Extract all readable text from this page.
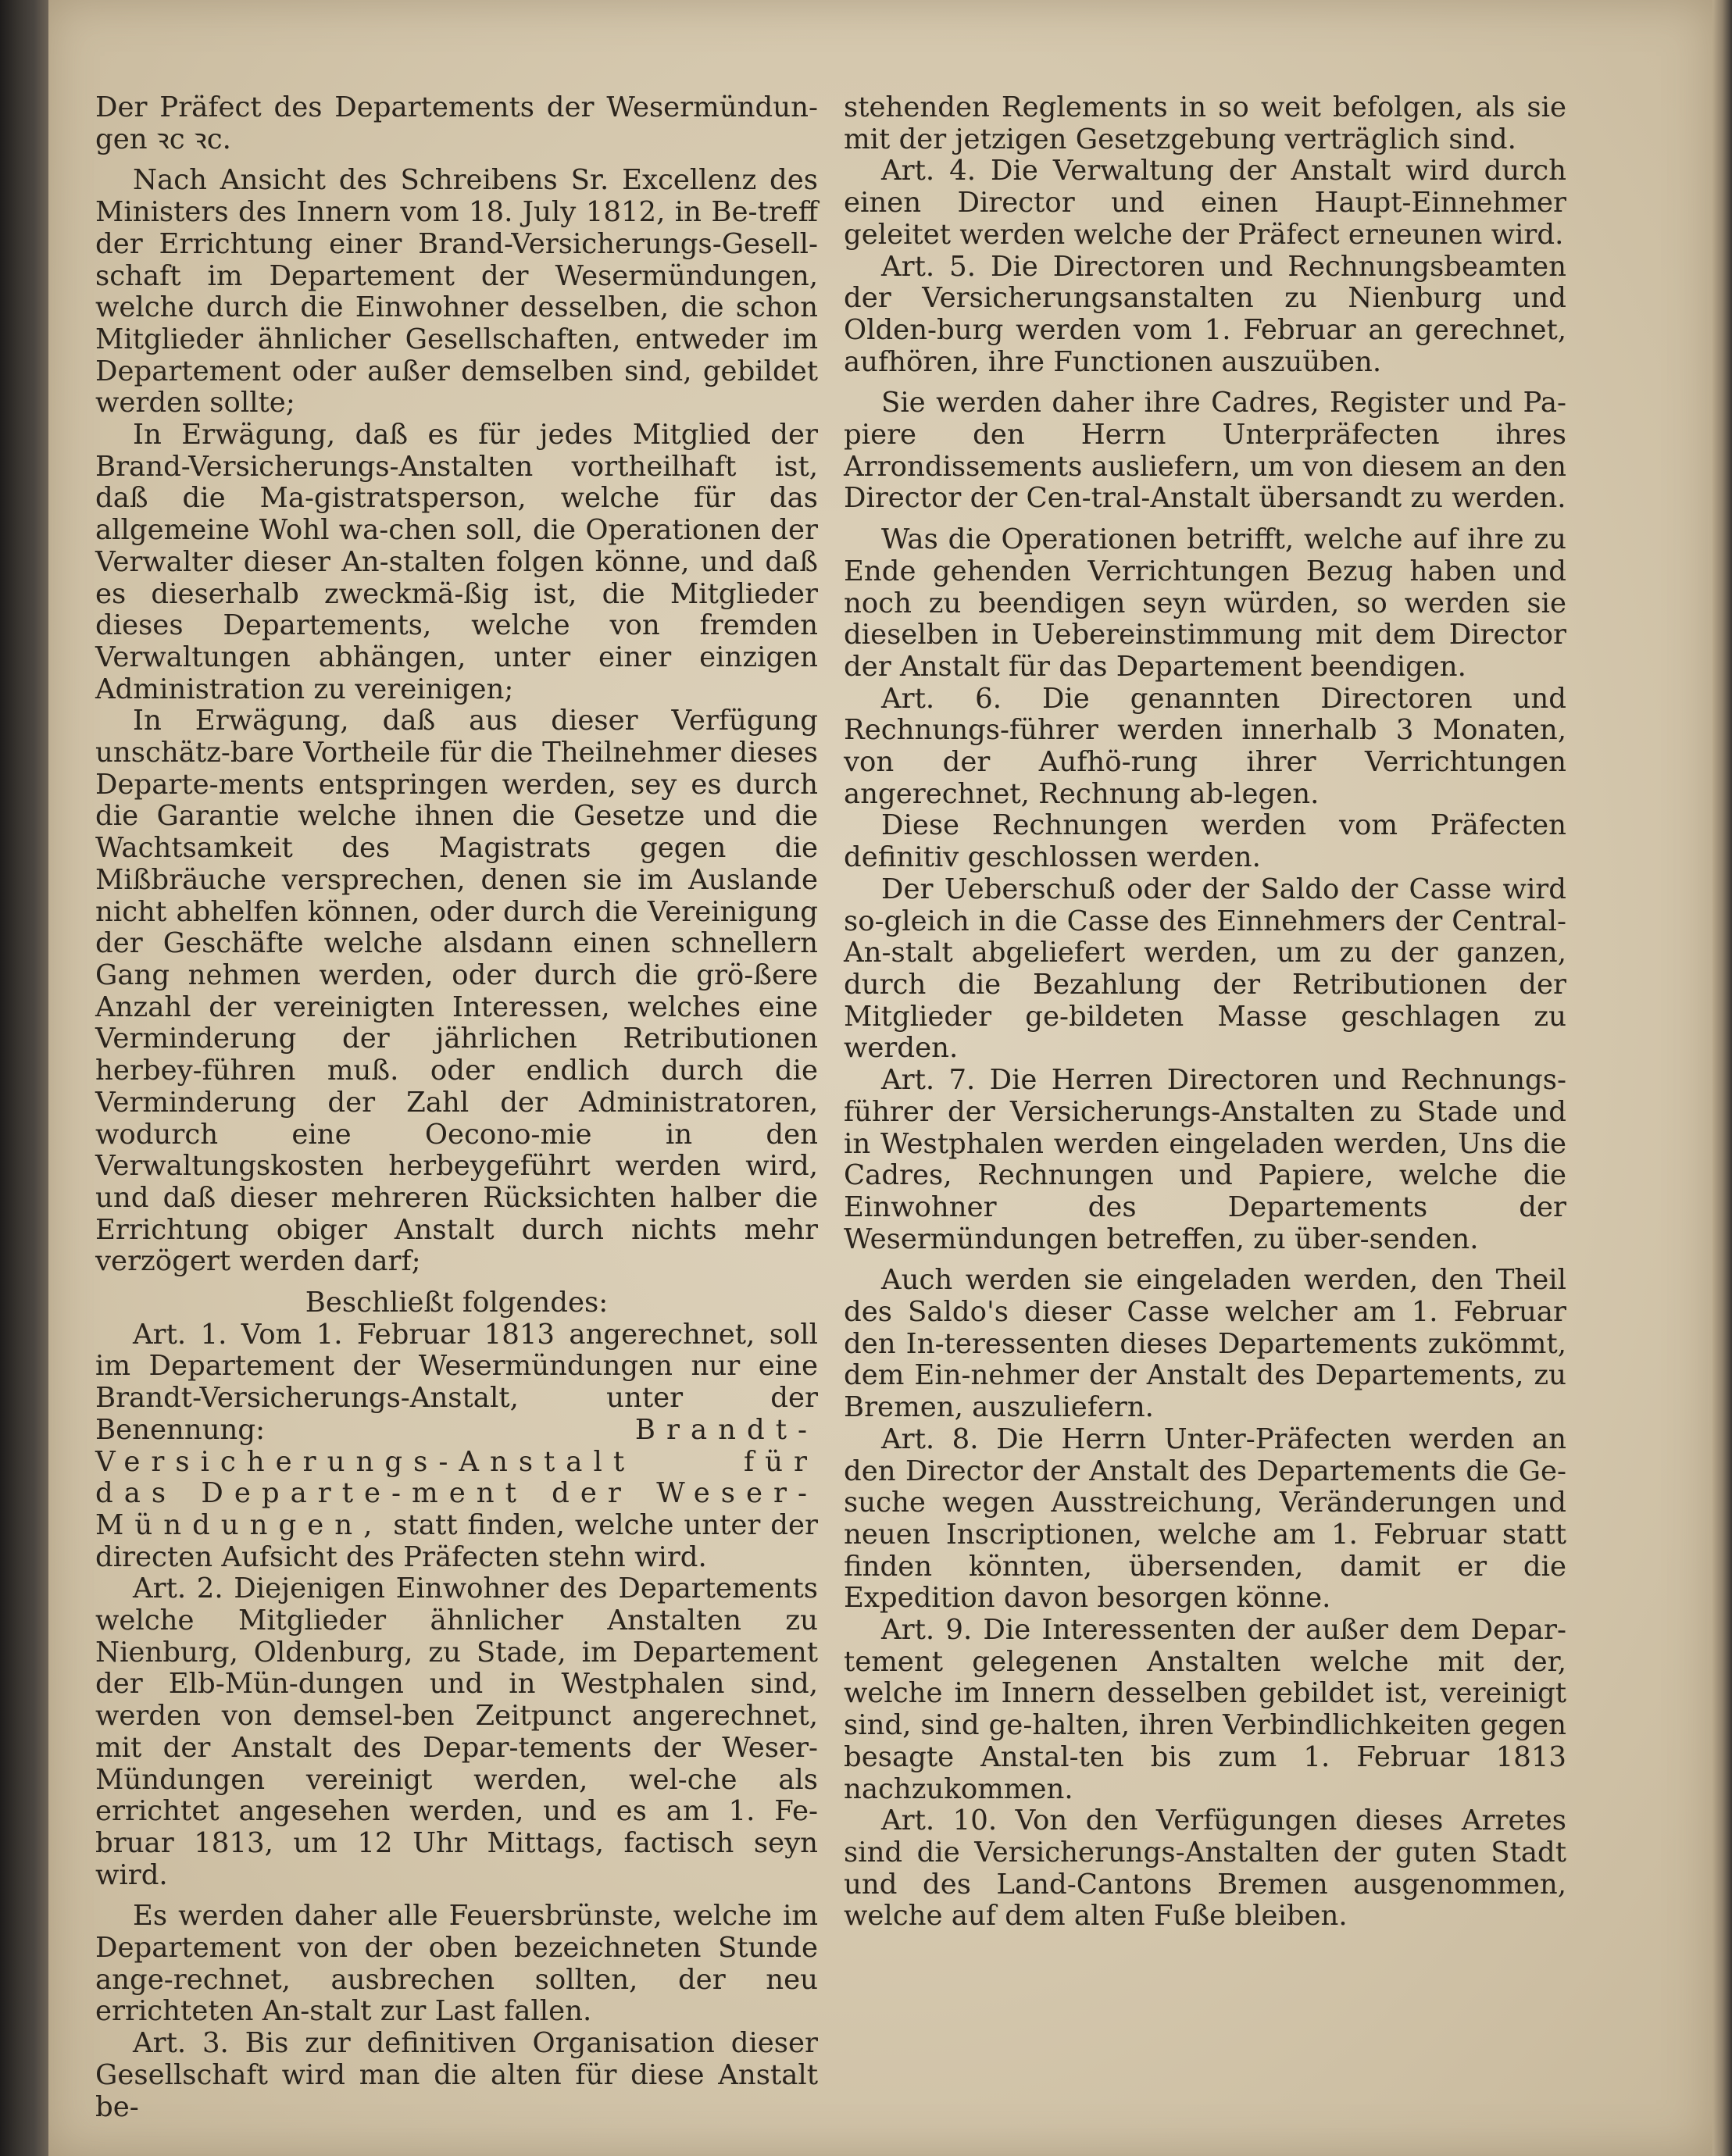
Der Präfect des Departements der Wesermündun-gen ꝛc ꝛc.

Nach Ansicht des Schreibens Sr. Excellenz des Ministers des Innern vom 18. July 1812, in Be-treff der Errichtung einer Brand-Versicherungs-Gesell-schaft im Departement der Wesermündungen, welche durch die Einwohner desselben, die schon Mitglieder ähnlicher Gesellschaften, entweder im Departement oder außer demselben sind, gebildet werden sollte;

In Erwägung, daß es für jedes Mitglied der Brand-Versicherungs-Anstalten vortheilhaft ist, daß die Ma-gistratsperson, welche für das allgemeine Wohl wa-chen soll, die Operationen der Verwalter dieser An-stalten folgen könne, und daß es dieserhalb zweckmä-ßig ist, die Mitglieder dieses Departements, welche von fremden Verwaltungen abhängen, unter einer einzigen Administration zu vereinigen;

In Erwägung, daß aus dieser Verfügung unschätz-bare Vortheile für die Theilnehmer dieses Departe-ments entspringen werden, sey es durch die Garantie welche ihnen die Gesetze und die Wachtsamkeit des Magistrats gegen die Mißbräuche versprechen, denen sie im Auslande nicht abhelfen können, oder durch die Vereinigung der Geschäfte welche alsdann einen schnellern Gang nehmen werden, oder durch die grö-ßere Anzahl der vereinigten Interessen, welches eine Verminderung der jährlichen Retributionen herbey-führen muß. oder endlich durch die Verminderung der Zahl der Administratoren, wodurch eine Oecono-mie in den Verwaltungskosten herbeygeführt werden wird, und daß dieser mehreren Rücksichten halber die Errichtung obiger Anstalt durch nichts mehr verzögert werden darf;

Beschließt folgendes:

Art. 1. Vom 1. Februar 1813 angerechnet, soll im Departement der Wesermündungen nur eine Brandt-Versicherungs-Anstalt, unter der Benennung:	Brandt-Versicherungs-Anstalt für das Departe-ment der Weser-Mündungen, statt finden, welche unter der directen Aufsicht des Präfecten stehn wird.

Art. 2. Diejenigen Einwohner des Departements welche Mitglieder ähnlicher Anstalten zu Nienburg, Oldenburg, zu Stade, im Departement der Elb-Mün-dungen und in Westphalen sind, werden von demsel-ben Zeitpunct angerechnet, mit der Anstalt des Depar-tements der Weser-Mündungen vereinigt werden, wel-che als errichtet angesehen werden, und es am 1. Fe-bruar 1813, um 12 Uhr Mittags, factisch seyn wird.

Es werden daher alle Feuersbrünste, welche im Departement von der oben bezeichneten Stunde ange-rechnet, ausbrechen sollten, der neu errichteten An-stalt zur Last fallen.

Art. 3. Bis zur definitiven Organisation dieser Gesellschaft wird man die alten für diese Anstalt be-

stehenden Reglements in so weit befolgen, als sie mit der jetzigen Gesetzgebung verträglich sind.

Art. 4. Die Verwaltung der Anstalt wird durch einen Director und einen Haupt-Einnehmer geleitet werden welche der Präfect erneunen wird.

Art. 5. Die Directoren und Rechnungsbeamten der Versicherungsanstalten zu Nienburg und Olden-burg werden vom 1. Februar an gerechnet, aufhören, ihre Functionen auszuüben.

Sie werden daher ihre Cadres, Register und Pa-piere den Herrn Unterpräfecten ihres Arrondissements ausliefern, um von diesem an den Director der Cen-tral-Anstalt übersandt zu werden.

Was die Operationen betrifft, welche auf ihre zu Ende gehenden Verrichtungen Bezug haben und noch zu beendigen seyn würden, so werden sie dieselben in Uebereinstimmung mit dem Director der Anstalt für das Departement beendigen.

Art. 6. Die genannten Directoren und Rechnungs-führer werden innerhalb 3 Monaten, von der Aufhö-rung ihrer Verrichtungen angerechnet, Rechnung ab-legen.

Diese Rechnungen werden vom Präfecten definitiv geschlossen werden.

Der Ueberschuß oder der Saldo der Casse wird so-gleich in die Casse des Einnehmers der Central-An-stalt abgeliefert werden, um zu der ganzen, durch die Bezahlung der Retributionen der Mitglieder ge-bildeten Masse geschlagen zu werden.

Art. 7. Die Herren Directoren und Rechnungs-führer der Versicherungs-Anstalten zu Stade und in Westphalen werden eingeladen werden, Uns die Cadres, Rechnungen und Papiere, welche die Einwohner des Departements der Wesermündungen betreffen, zu über-senden.

Auch werden sie eingeladen werden, den Theil des Saldo's dieser Casse welcher am 1. Februar den In-teressenten dieses Departements zukömmt, dem Ein-nehmer der Anstalt des Departements, zu Bremen, auszuliefern.

Art. 8. Die Herrn Unter-Präfecten werden an den Director der Anstalt des Departements die Ge-suche wegen Ausstreichung, Veränderungen und neuen Inscriptionen, welche am 1. Februar statt finden könnten, übersenden, damit er die Expedition davon besorgen könne.

Art. 9. Die Interessenten der außer dem Depar-tement gelegenen Anstalten welche mit der, welche im Innern desselben gebildet ist, vereinigt sind, sind ge-halten, ihren Verbindlichkeiten gegen besagte Anstal-ten bis zum 1. Februar 1813 nachzukommen.

Art. 10. Von den Verfügungen dieses Arretes sind die Versicherungs-Anstalten der guten Stadt und des Land-Cantons Bremen ausgenommen, welche auf dem alten Fuße bleiben.
